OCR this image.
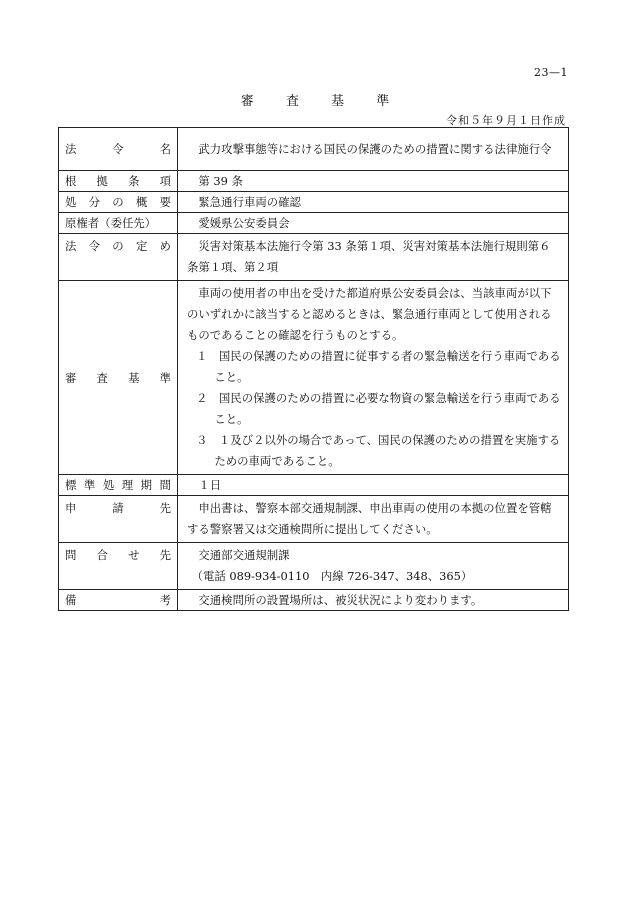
23—1
審 査 基 準
令和５年９月１日作成
法令名	武力攻撃事態等における国民の保護のための措置に関する法律施行令

根拠条項	第 39 条

処分の概要	緊急通行車両の確認

原権者（委任先）	愛媛県公安委員会

法令の定め	災害対策基本法施行令第 33 条第１項、災害対策基本法施行規則第６条第１項、第２項

審査基準	車両の使用者の申出を受けた都道府県公安委員会は、当該車両が以下のいずれかに該当すると認めるときは、緊急通行車両として使用されるものであることの確認を行うものとする。
１　国民の保護のための措置に従事する者の緊急輸送を行う車両であること。
２　国民の保護のための措置に必要な物資の緊急輸送を行う車両であること。
３　１及び２以外の場合であって、国民の保護のための措置を実施するための車両であること。

標準処理期間	１日

申請先	申出書は、警察本部交通規制課、申出車両の使用の本拠の位置を管轄する警察署又は交通検問所に提出してください。

問合せ先	交通部交通規制課
（電話 089-934-0110　内線 726-347、348、365）

備考	交通検問所の設置場所は、被災状況により変わります。
